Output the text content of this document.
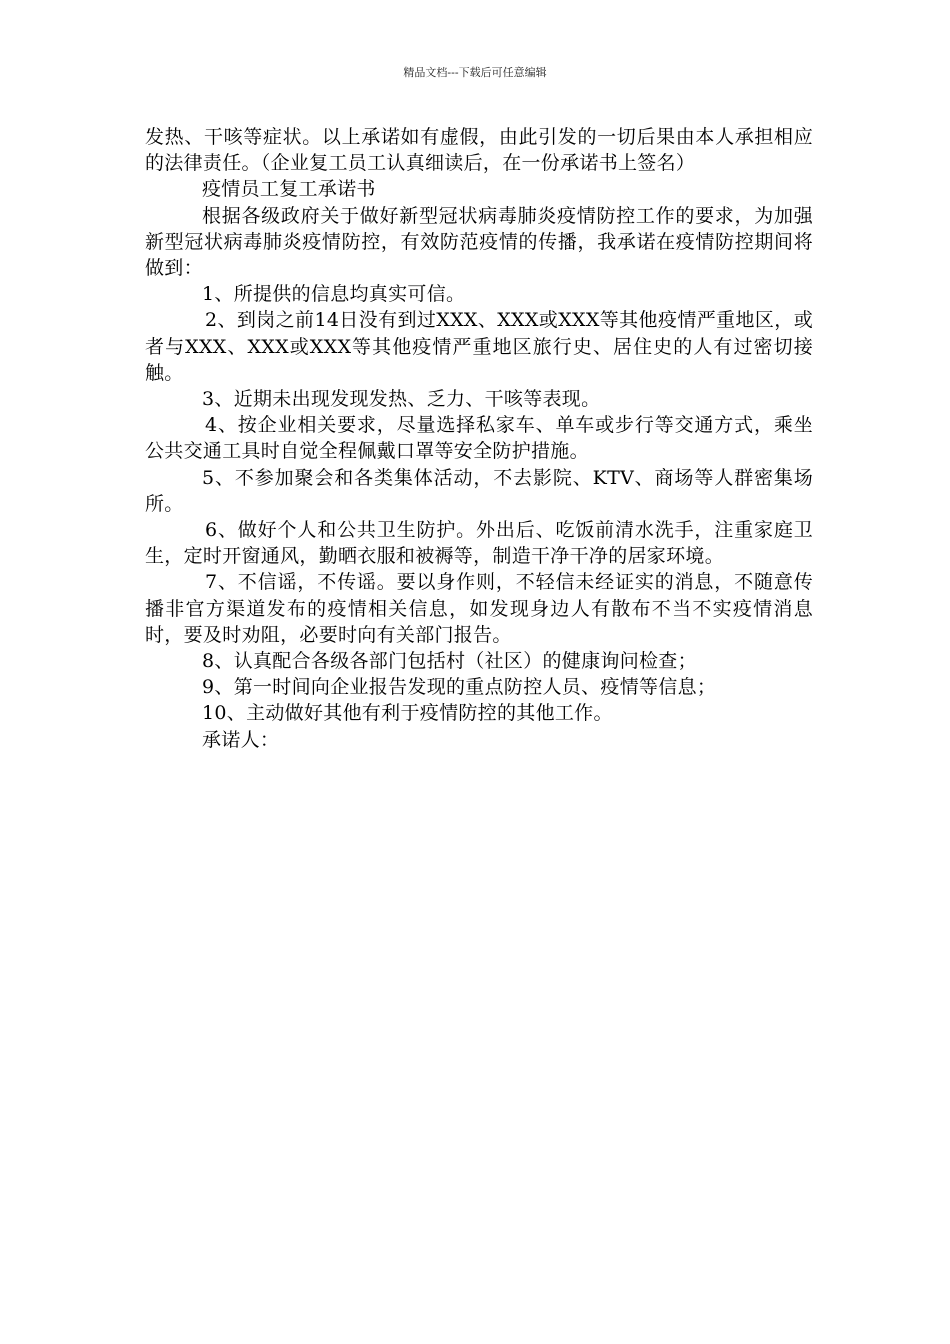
精品文档---下载后可任意编辑

发热、干咳等症状。以上承诺如有虚假，由此引发的一切后果由本人承担相应的法律责任。（企业复工员工认真细读后，在一份承诺书上签名）

疫情员工复工承诺书

根据各级政府关于做好新型冠状病毒肺炎疫情防控工作的要求，为加强新型冠状病毒肺炎疫情防控，有效防范疫情的传播，我承诺在疫情防控期间将做到：

1、所提供的信息均真实可信。

2、到岗之前14日没有到过XXX、XXX或XXX等其他疫情严重地区，或者与XXX、XXX或XXX等其他疫情严重地区旅行史、居住史的人有过密切接触。

3、近期未出现发现发热、乏力、干咳等表现。

4、按企业相关要求，尽量选择私家车、单车或步行等交通方式，乘坐公共交通工具时自觉全程佩戴口罩等安全防护措施。

5、不参加聚会和各类集体活动，不去影院、KTV、商场等人群密集场所。

6、做好个人和公共卫生防护。外出后、吃饭前清水洗手，注重家庭卫生，定时开窗通风，勤晒衣服和被褥等，制造干净干净的居家环境。

7、不信谣，不传谣。要以身作则，不轻信未经证实的消息，不随意传播非官方渠道发布的疫情相关信息，如发现身边人有散布不当不实疫情消息时，要及时劝阻，必要时向有关部门报告。

8、认真配合各级各部门包括村（社区）的健康询问检查；

9、第一时间向企业报告发现的重点防控人员、疫情等信息；

10、主动做好其他有利于疫情防控的其他工作。

承诺人：
